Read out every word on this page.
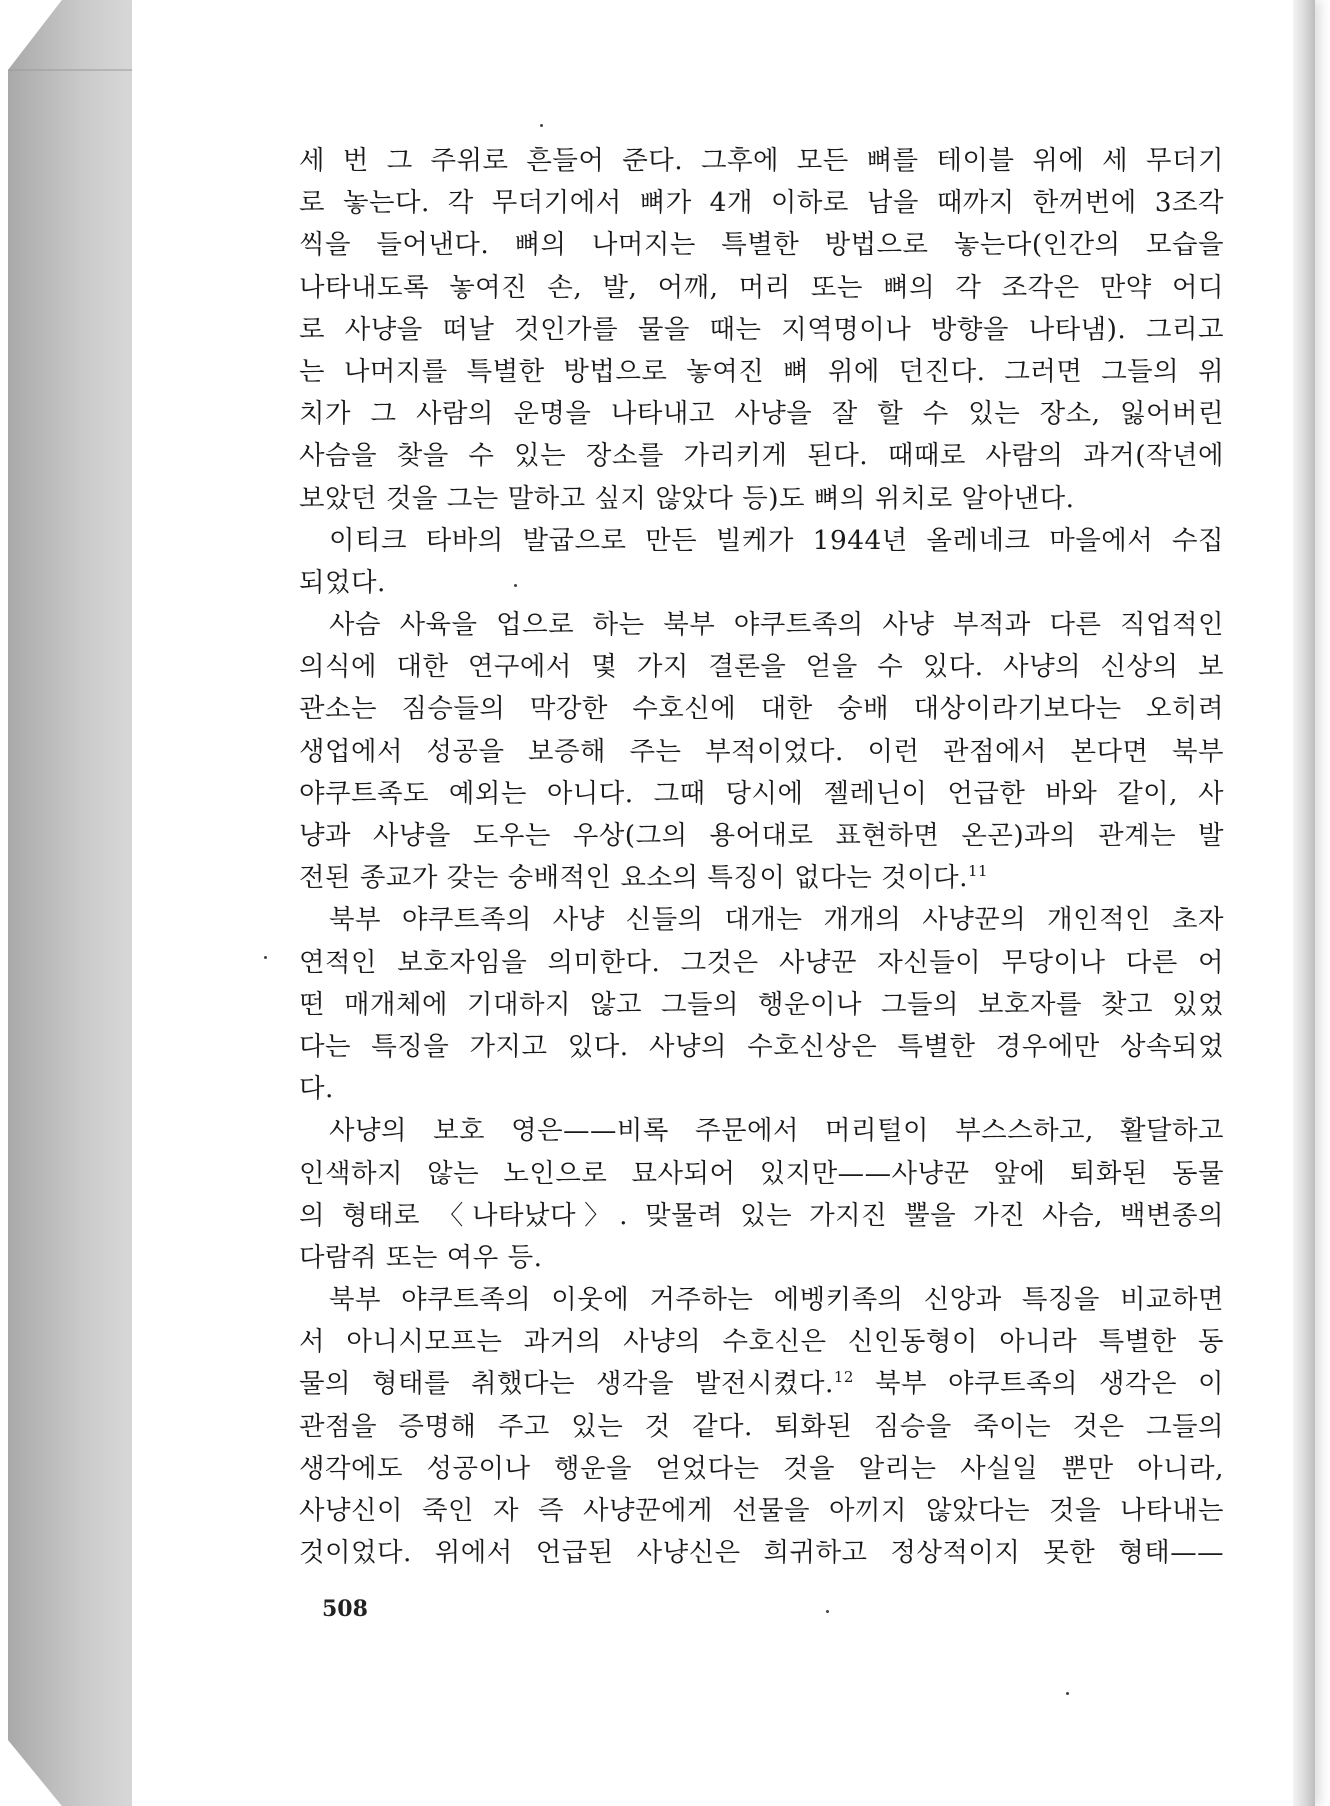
세 번 그 주위로 흔들어 준다. 그후에 모든 뼈를 테이블 위에 세 무더기
로 놓는다. 각 무더기에서 뼈가 4개 이하로 남을 때까지 한꺼번에 3조각
씩을 들어낸다. 뼈의 나머지는 특별한 방법으로 놓는다(인간의 모습을
나타내도록 놓여진 손, 발, 어깨, 머리 또는 뼈의 각 조각은 만약 어디
로 사냥을 떠날 것인가를 물을 때는 지역명이나 방향을 나타냄). 그리고
는 나머지를 특별한 방법으로 놓여진 뼈 위에 던진다. 그러면 그들의 위
치가 그 사람의 운명을 나타내고 사냥을 잘 할 수 있는 장소, 잃어버린
사슴을 찾을 수 있는 장소를 가리키게 된다. 때때로 사람의 과거(작년에
보았던 것을 그는 말하고 싶지 않았다 등)도 뼈의 위치로 알아낸다.
이티크 타바의 발굽으로 만든 빌케가 1944년 올레네크 마을에서 수집
되었다.
사슴 사육을 업으로 하는 북부 야쿠트족의 사냥 부적과 다른 직업적인
의식에 대한 연구에서 몇 가지 결론을 얻을 수 있다. 사냥의 신상의 보
관소는 짐승들의 막강한 수호신에 대한 숭배 대상이라기보다는 오히려
생업에서 성공을 보증해 주는 부적이었다. 이런 관점에서 본다면 북부
야쿠트족도 예외는 아니다. 그때 당시에 젤레닌이 언급한 바와 같이, 사
냥과 사냥을 도우는 우상(그의 용어대로 표현하면 온곤)과의 관계는 발
전된 종교가 갖는 숭배적인 요소의 특징이 없다는 것이다.$^{11}$
북부 야쿠트족의 사냥 신들의 대개는 개개의 사냥꾼의 개인적인 초자
연적인 보호자임을 의미한다. 그것은 사냥꾼 자신들이 무당이나 다른 어
떤 매개체에 기대하지 않고 그들의 행운이나 그들의 보호자를 찾고 있었
다는 특징을 가지고 있다. 사냥의 수호신상은 특별한 경우에만 상속되었
다.
사냥의 보호 영은——비록 주문에서 머리털이 부스스하고, 활달하고
인색하지 않는 노인으로 묘사되어 있지만——사냥꾼 앞에 퇴화된 동물
의 형태로 〈나타났다〉. 맞물려 있는 가지진 뿔을 가진 사슴, 백변종의
다람쥐 또는 여우 등.
북부 야쿠트족의 이웃에 거주하는 에벵키족의 신앙과 특징을 비교하면
서 아니시모프는 과거의 사냥의 수호신은 신인동형이 아니라 특별한 동
물의 형태를 취했다는 생각을 발전시켰다.$^{12}$ 북부 야쿠트족의 생각은 이
관점을 증명해 주고 있는 것 같다. 퇴화된 짐승을 죽이는 것은 그들의
생각에도 성공이나 행운을 얻었다는 것을 알리는 사실일 뿐만 아니라,
사냥신이 죽인 자 즉 사냥꾼에게 선물을 아끼지 않았다는 것을 나타내는
것이었다. 위에서 언급된 사냥신은 희귀하고 정상적이지 못한 형태——
508
